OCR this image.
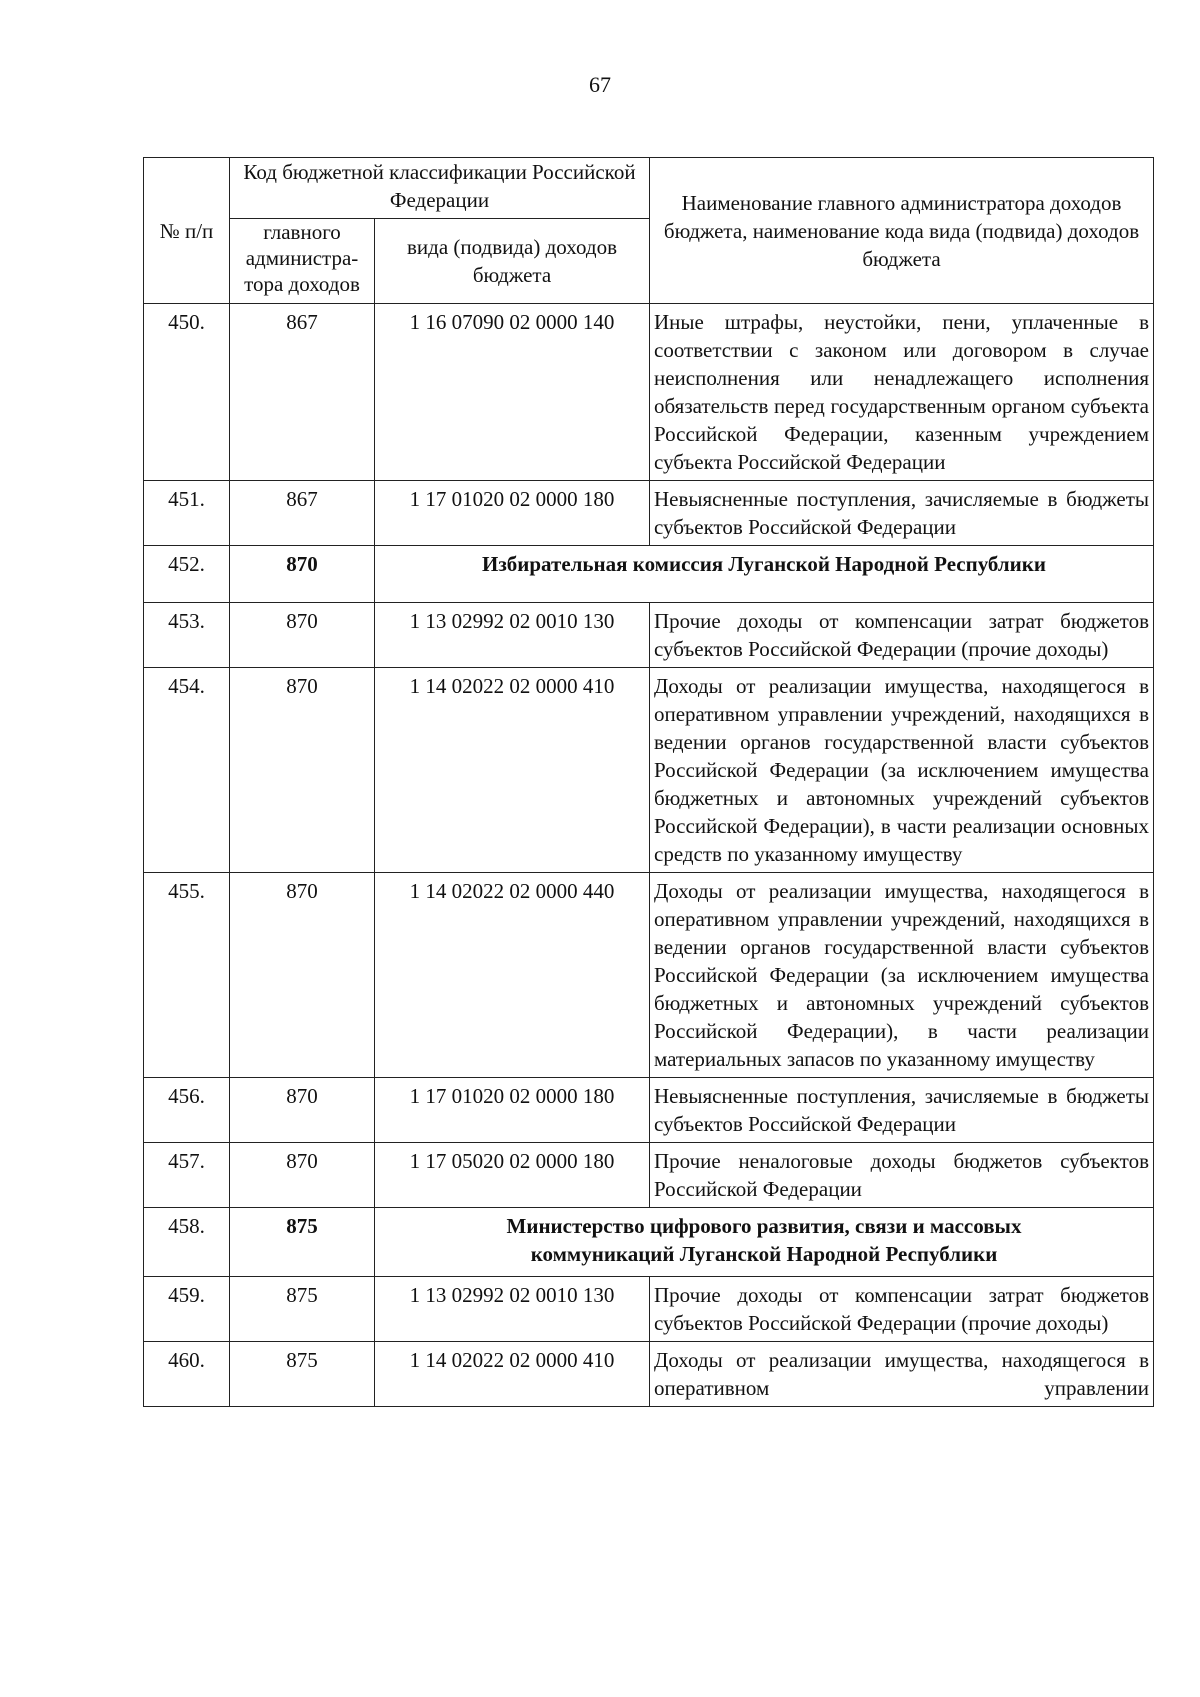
67
№ п/п	Код бюджетной классификации Российской Федерации		Наименование главного администратора доходов бюджета, наименование кода вида (подвида) доходов бюджета
	главного администра-тора доходов	вида (подвида) доходов бюджета	
450.	867	1 16 07090 02 0000 140	Иные штрафы, неустойки, пени, уплаченные в соответствии с законом или договором в случае неисполнения или ненадлежащего исполнения обязательств перед государственным органом субъекта Российской Федерации, казенным учреждением субъекта Российской Федерации
451.	867	1 17 01020 02 0000 180	Невыясненные поступления, зачисляемые в бюджеты субъектов Российской Федерации
452.	870	Избирательная комиссия Луганской Народной Республики	
453.	870	1 13 02992 02 0010 130	Прочие доходы от компенсации затрат бюджетов субъектов Российской Федерации (прочие доходы)
454.	870	1 14 02022 02 0000 410	Доходы от реализации имущества, находящегося в оперативном управлении учреждений, находящихся в ведении органов государственной власти субъектов Российской Федерации (за исключением имущества бюджетных и автономных учреждений субъектов Российской Федерации), в части реализации основных средств по указанному имуществу
455.	870	1 14 02022 02 0000 440	Доходы от реализации имущества, находящегося в оперативном управлении учреждений, находящихся в ведении органов государственной власти субъектов Российской Федерации (за исключением имущества бюджетных и автономных учреждений субъектов Российской Федерации), в части реализации материальных запасов по указанному имуществу
456.	870	1 17 01020 02 0000 180	Невыясненные поступления, зачисляемые в бюджеты субъектов Российской Федерации
457.	870	1 17 05020 02 0000 180	Прочие неналоговые доходы бюджетов субъектов Российской Федерации
458.	875	Министерство цифрового развития, связи и массовых коммуникаций Луганской Народной Республики	
459.	875	1 13 02992 02 0010 130	Прочие доходы от компенсации затрат бюджетов субъектов Российской Федерации (прочие доходы)
460.	875	1 14 02022 02 0000 410	Доходы от реализации имущества, находящегося в оперативном управлении
